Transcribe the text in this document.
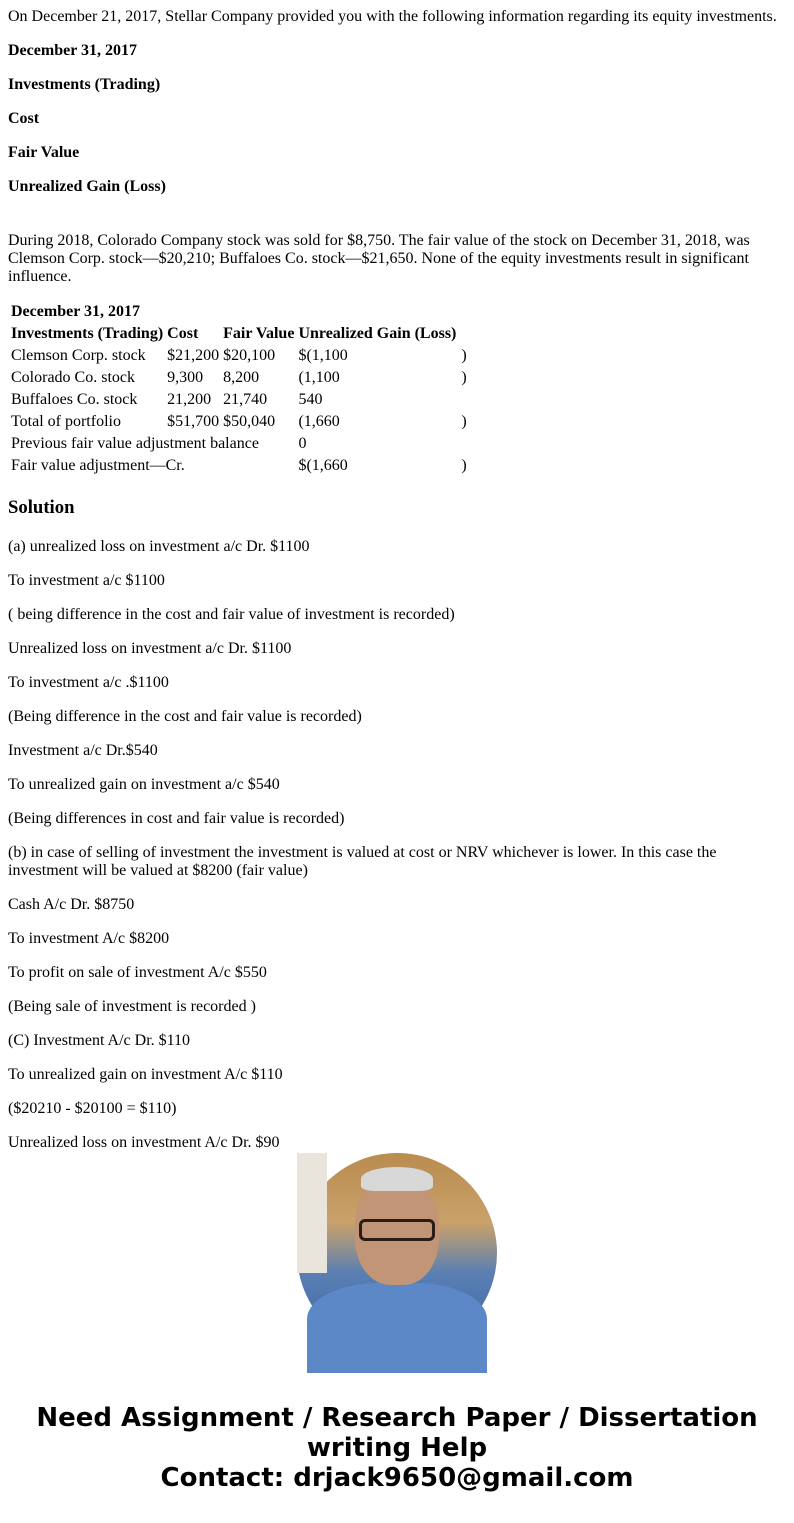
On December 21, 2017, Stellar Company provided you with the following information regarding its equity investments.

December 31, 2017

Investments (Trading)

Cost

Fair Value

Unrealized Gain (Loss)

During 2018, Colorado Company stock was sold for $8,750. The fair value of the stock on December 31, 2018, was Clemson Corp. stock—$20,210; Buffaloes Co. stock—$21,650. None of the equity investments result in significant influence.

December 31, 2017				
Investments (Trading)	Cost	Fair Value	Unrealized Gain (Loss)	
Clemson Corp. stock	$21,200	$20,100	$(1,100	)
Colorado Co. stock	9,300	8,200	(1,100	)
Buffaloes Co. stock	21,200	21,740	540	
Total of portfolio	$51,700	$50,040	(1,660	)
Previous fair value adjustment balance			0	
Fair value adjustment—Cr.			$(1,660	)
Solution

(a) unrealized loss on investment a/c Dr. $1100

To investment a/c $1100

( being difference in the cost and fair value of investment is recorded)

Unrealized loss on investment a/c Dr. $1100

To investment a/c .$1100

(Being difference in the cost and fair value is recorded)

Investment a/c Dr.$540

To unrealized gain on investment a/c $540

(Being differences in cost and fair value is recorded)

(b) in case of selling of investment the investment is valued at cost or NRV whichever is lower. In this case the investment will be valued at $8200 (fair value)

Cash A/c Dr. $8750

To investment A/c $8200

To profit on sale of investment A/c $550

(Being sale of investment is recorded )

(C) Investment A/c Dr. $110

To unrealized gain on investment A/c $110

($20210 - $20100 = $110)

Unrealized loss on investment A/c Dr. $90

Need Assignment / Research Paper / Dissertation
writing Help
Contact: drjack9650@gmail.com
